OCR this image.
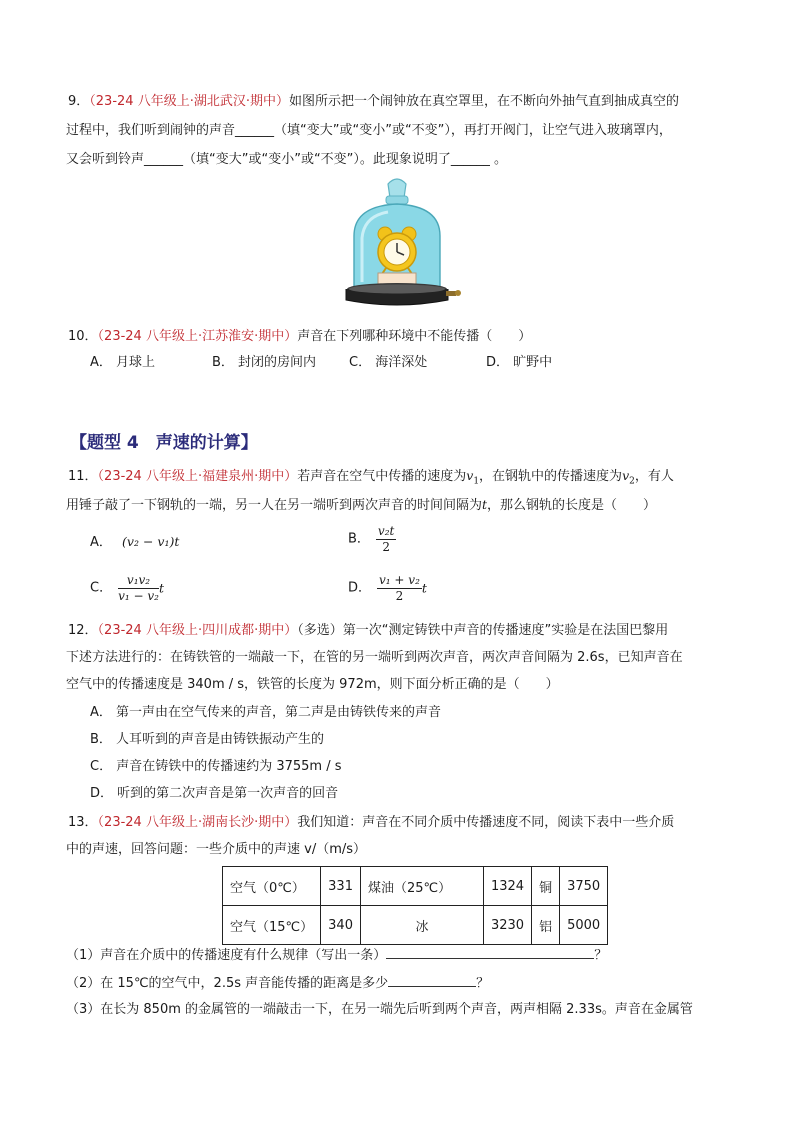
9．（23-24 八年级上·湖北武汉·期中）如图所示把一个闹钟放在真空罩里，在不断向外抽气直到抽成真空的
过程中，我们听到闹钟的声音______（填“变大”或“变小”或“不变”），再打开阀门，让空气进入玻璃罩内，
又会听到铃声______（填“变大”或“变小”或“不变”）。此现象说明了______ 。
10．（23-24 八年级上·江苏淮安·期中）声音在下列哪种环境中不能传播（　　）
A． 月球上	B． 封闭的房间内	C． 海洋深处	D． 旷野中
【题型 4　声速的计算】
11．（23-24 八年级上·福建泉州·期中）若声音在空气中传播的速度为$v_1$，在钢轨中的传播速度为$v_2$，有人
用锤子敲了一下钢轨的一端，另一人在另一端听到两次声音的时间间隔为t，那么钢轨的长度是（　　）
A． (v₂ − v₁)t	B． $\frac{\text{v₂t}}{2}$
C． $\frac{\text{v₁v₂}}{\text{v₁ − v₂}}$ t	D． $\frac{\text{v₁ + v₂}}{2}$ t
12．（23-24 八年级上·四川成都·期中）（多选）第一次“测定铸铁中声音的传播速度”实验是在法国巴黎用
下述方法进行的：在铸铁管的一端敲一下，在管的另一端听到两次声音，两次声音间隔为 2.6s，已知声音在
空气中的传播速度是 340m / s，铁管的长度为 972m，则下面分析正确的是（　　）
A． 第一声由在空气传来的声音，第二声是由铸铁传来的声音
B． 人耳听到的声音是由铸铁振动产生的
C． 声音在铸铁中的传播速约为 3755m / s
D． 听到的第二次声音是第一次声音的回音
13．（23-24 八年级上·湖南长沙·期中）我们知道：声音在不同介质中传播速度不同，阅读下表中一些介质
中的声速，回答问题：一些介质中的声速 v/（m/s）
空气（0℃）	331	煤油（25℃）	1324	铜	3750
空气（15℃）	340	冰	3230	铝	5000
（1）声音在介质中的传播速度有什么规律（写出一条）	？
（2）在 15℃的空气中，2.5s 声音能传播的距离是多少	？
（3）在长为 850m 的金属管的一端敲击一下，在另一端先后听到两个声音，两声相隔 2.33s。声音在金属管
